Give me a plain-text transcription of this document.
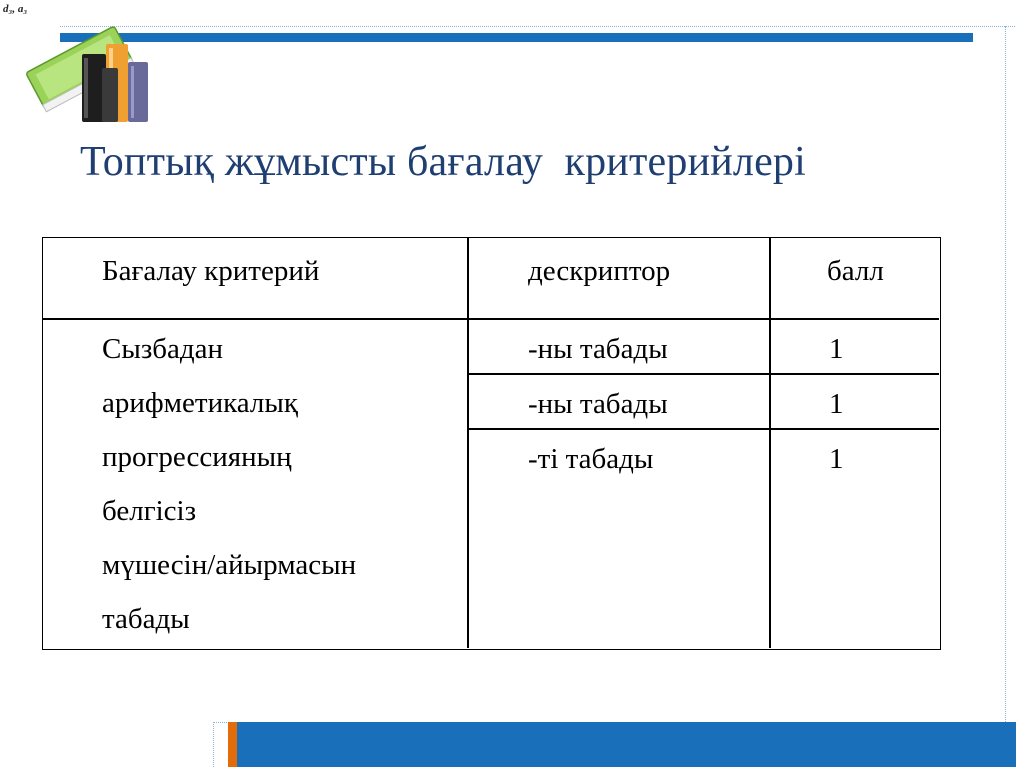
d₃, a₃
Топтық жұмысты бағалау  критерийлері
Бағалау критерий	дескриптор	балл
Сызбадан
арифметикалық
прогрессияның
белгісіз
мүшесін/айырмасын
табады
-ны табады
-ны табады
-ті табады
1
1
1
